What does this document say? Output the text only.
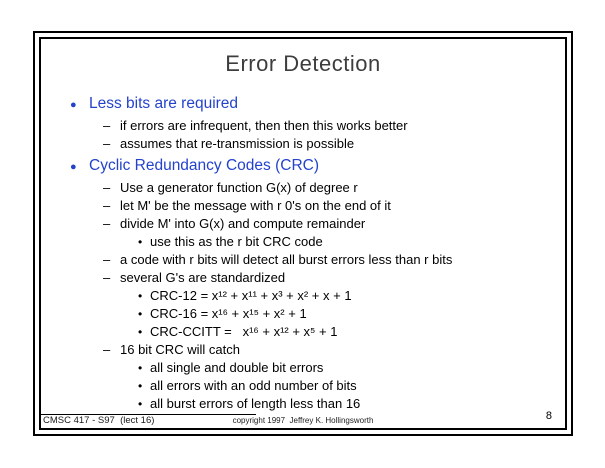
Error Detection
● Less bits are required
– if errors are infrequent, then then this works better
– assumes that re-transmission is possible
● Cyclic Redundancy Codes (CRC)
– Use a generator function G(x) of degree r
– let M' be the message with r 0's on the end of it
– divide M' into G(x) and compute remainder
• use this as the r bit CRC code
– a code with r bits will detect all burst errors less than r bits
– several G's are standardized
• CRC-12 = x¹² + x¹¹ + x³ + x² + x + 1
• CRC-16 = x¹⁶ + x¹⁵ + x² + 1
• CRC-CCITT =   x¹⁶ + x¹² + x⁵ + 1
– 16 bit CRC will catch
• all single and double bit errors
• all errors with an odd number of bits
• all burst errors of length less than 16
CMSC 417 - S97  (lect 16)	copyright 1997  Jeffrey K. Hollingsworth	8
